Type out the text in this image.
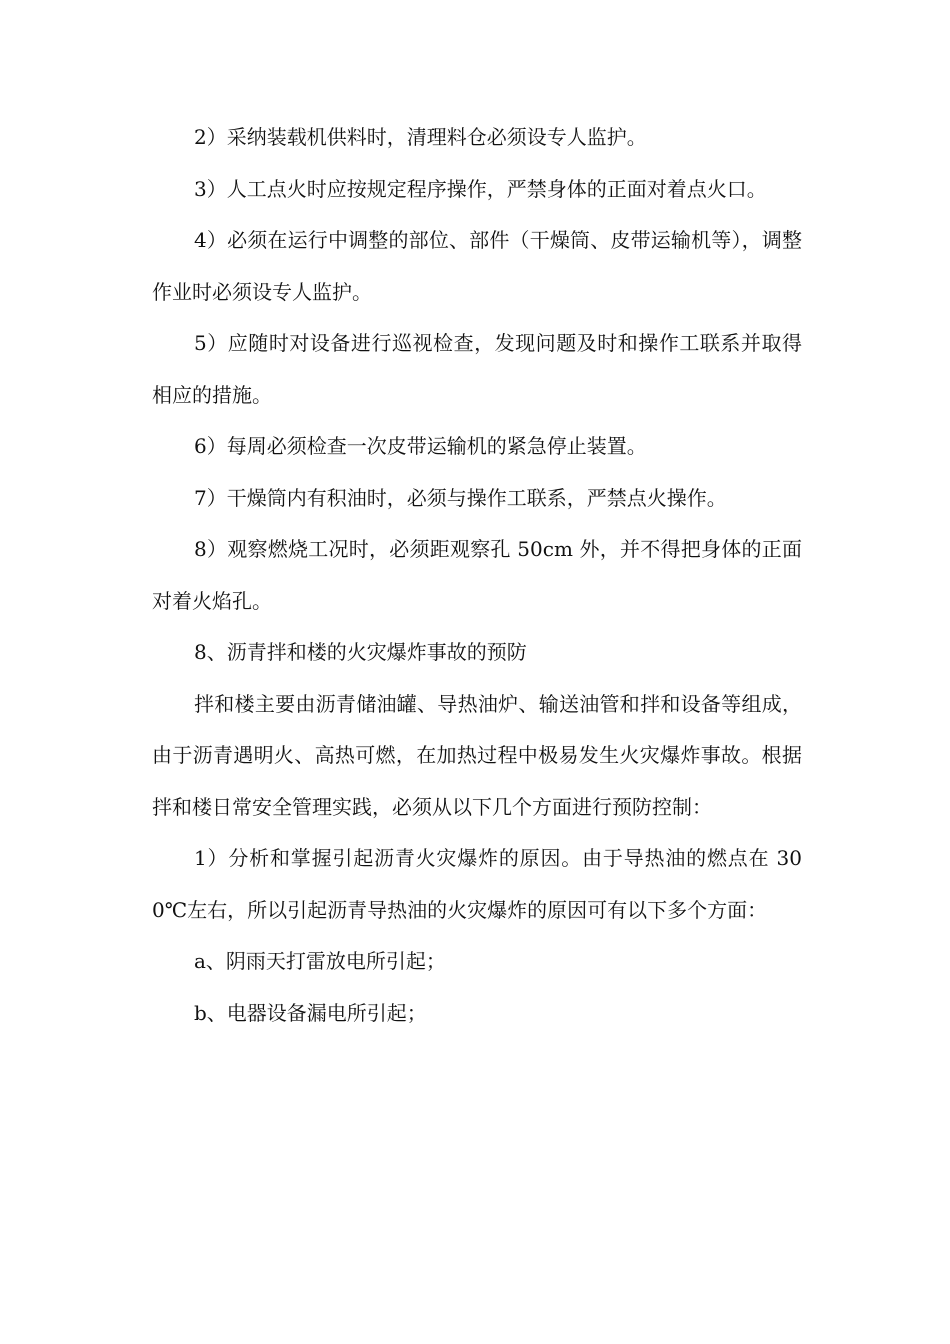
2）采纳装载机供料时，清理料仓必须设专人监护。

3）人工点火时应按规定程序操作，严禁身体的正面对着点火口。

4）必须在运行中调整的部位、部件（干燥筒、皮带运输机等），调整作业时必须设专人监护。

5）应随时对设备进行巡视检查，发现问题及时和操作工联系并取得相应的措施。

6）每周必须检查一次皮带运输机的紧急停止装置。

7）干燥筒内有积油时，必须与操作工联系，严禁点火操作。

8）观察燃烧工况时，必须距观察孔 50cm 外，并不得把身体的正面对着火焰孔。

8、沥青拌和楼的火灾爆炸事故的预防

拌和楼主要由沥青储油罐、导热油炉、输送油管和拌和设备等组成，由于沥青遇明火、高热可燃，在加热过程中极易发生火灾爆炸事故。根据拌和楼日常安全管理实践，必须从以下几个方面进行预防控制：

1）分析和掌握引起沥青火灾爆炸的原因。由于导热油的燃点在 300℃左右，所以引起沥青导热油的火灾爆炸的原因可有以下多个方面：

a、阴雨天打雷放电所引起；

b、电器设备漏电所引起；
